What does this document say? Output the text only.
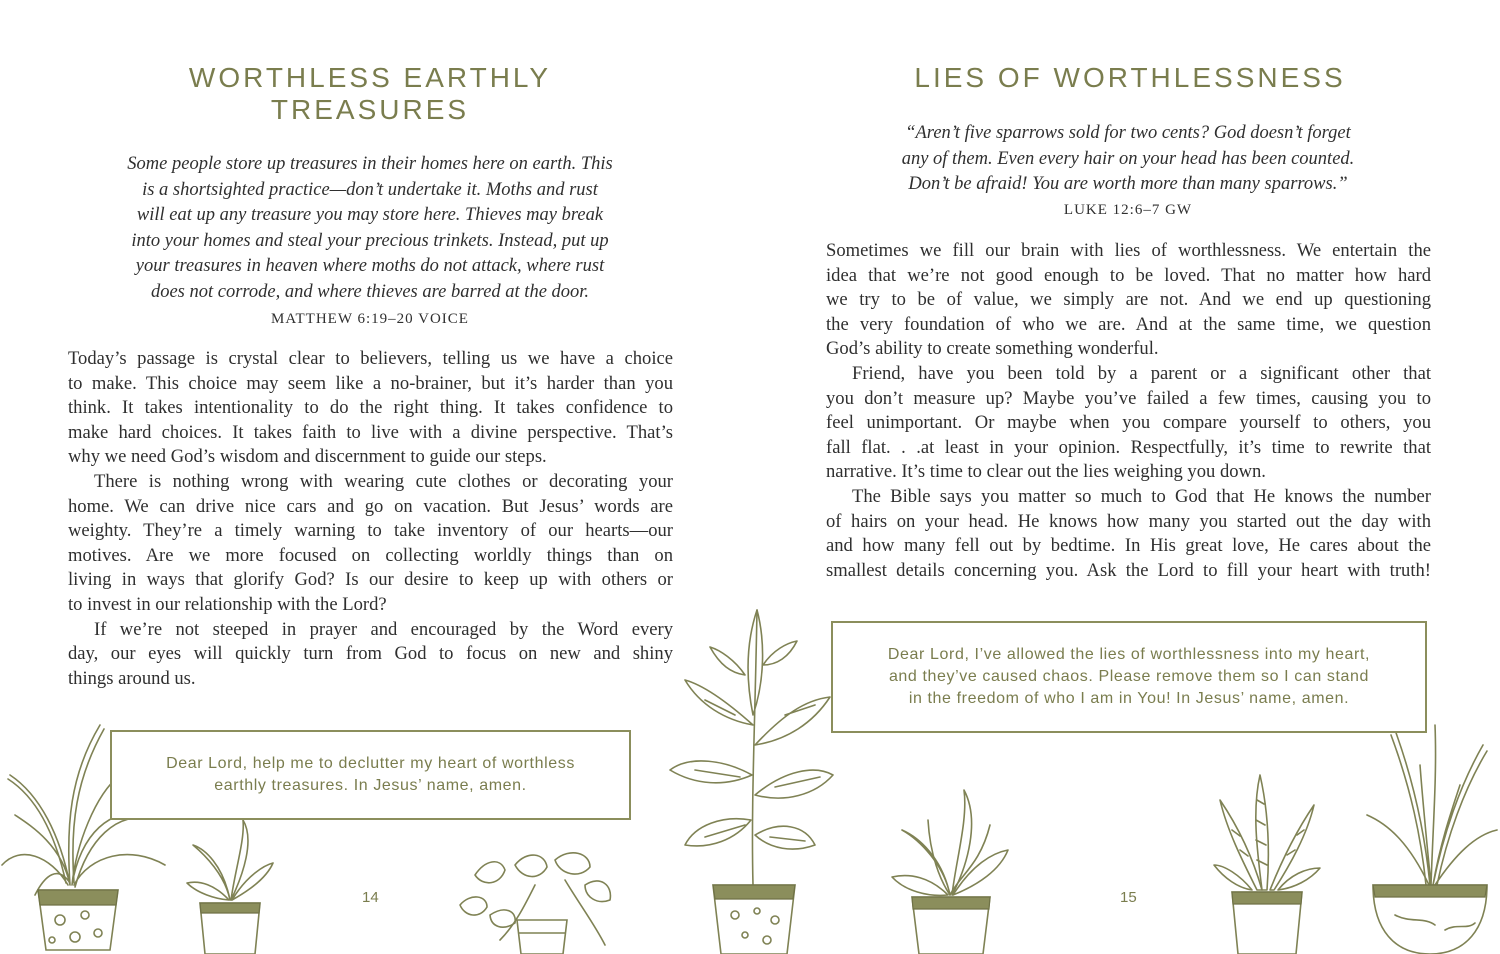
WORTHLESS EARTHLY
TREASURES
Some people store up treasures in their homes here on earth. This
is a shortsighted practice—don’t undertake it. Moths and rust
will eat up any treasure you may store here. Thieves may break
into your homes and steal your precious trinkets. Instead, put up
your treasures in heaven where moths do not attack, where rust
does not corrode, and where thieves are barred at the door.
MATTHEW 6:19–20 VOICE

Today’s passage is crystal clear to believers, telling us we have a choice
to make. This choice may seem like a no-brainer, but it’s harder than you
think. It takes intentionality to do the right thing. It takes confidence to
make hard choices. It takes faith to live with a divine perspective. That’s
why we need God’s wisdom and discernment to guide our steps.

There is nothing wrong with wearing cute clothes or decorating your
home. We can drive nice cars and go on vacation. But Jesus’ words are
weighty. They’re a timely warning to take inventory of our hearts—our
motives. Are we more focused on collecting worldly things than on
living in ways that glorify God? Is our desire to keep up with others or
to invest in our relationship with the Lord?

If we’re not steeped in prayer and encouraged by the Word every
day, our eyes will quickly turn from God to focus on new and shiny
things around us.

Dear Lord, help me to declutter my heart of worthless
earthly treasures. In Jesus’ name, amen.
14
LIES OF WORTHLESSNESS
“Aren’t five sparrows sold for two cents? God doesn’t forget
any of them. Even every hair on your head has been counted.
Don’t be afraid! You are worth more than many sparrows.”
LUKE 12:6–7 GW

Sometimes we fill our brain with lies of worthlessness. We entertain the
idea that we’re not good enough to be loved. That no matter how hard
we try to be of value, we simply are not. And we end up questioning
the very foundation of who we are. And at the same time, we question
God’s ability to create something wonderful.

Friend, have you been told by a parent or a significant other that
you don’t measure up? Maybe you’ve failed a few times, causing you to
feel unimportant. Or maybe when you compare yourself to others, you
fall flat. . .at least in your opinion. Respectfully, it’s time to rewrite that
narrative. It’s time to clear out the lies weighing you down.

The Bible says you matter so much to God that He knows the number
of hairs on your head. He knows how many you started out the day with
and how many fell out by bedtime. In His great love, He cares about the
smallest details concerning you. Ask the Lord to fill your heart with truth!

Dear Lord, I’ve allowed the lies of worthlessness into my heart,
and they’ve caused chaos. Please remove them so I can stand
in the freedom of who I am in You! In Jesus’ name, amen.
15
